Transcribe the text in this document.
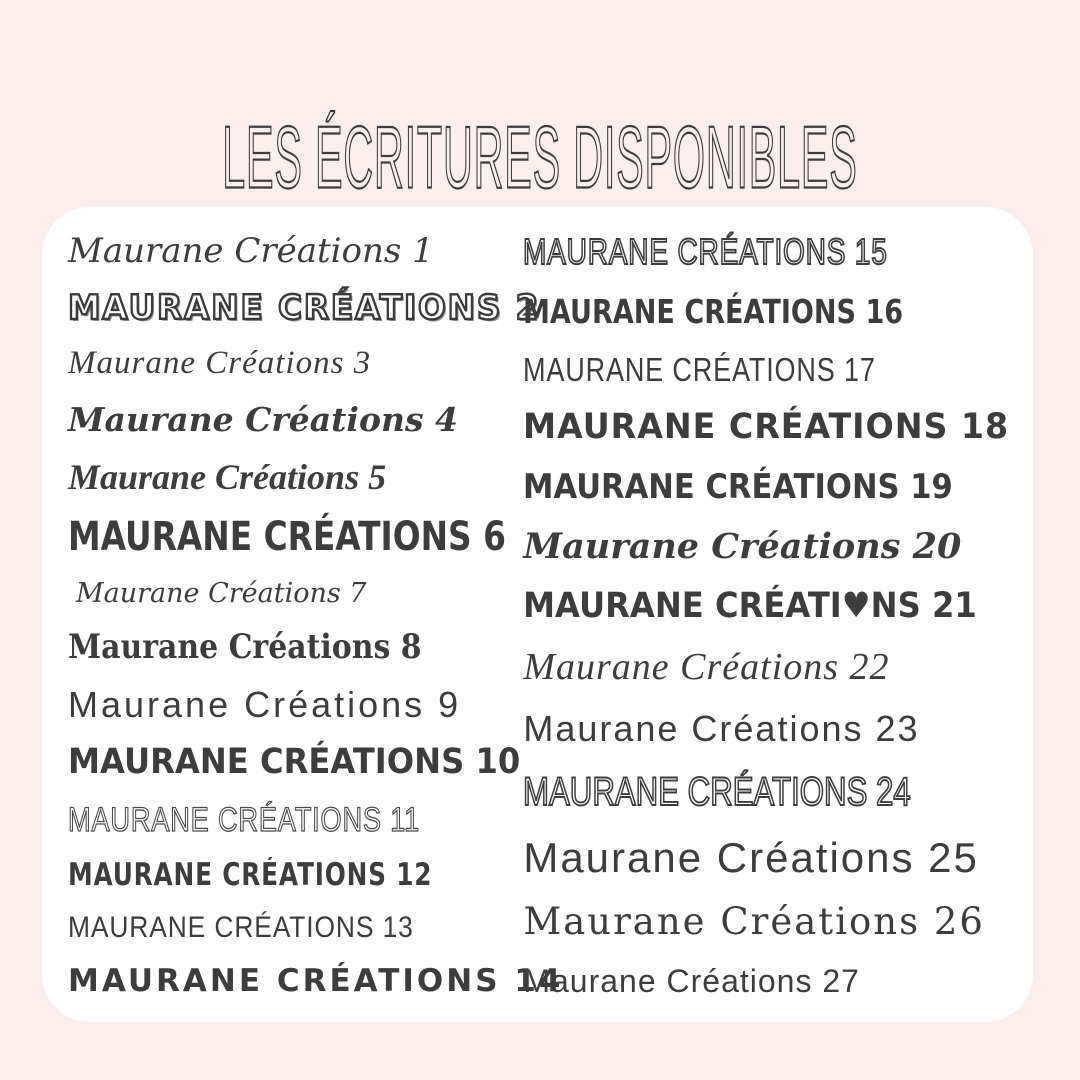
LES ÉCRITURES DISPONIBLES
Maurane Créations 1
MAURANE CRÉATIONS 2
Maurane Créations 3
Maurane Créations 4
Maurane Créations 5
MAURANE CRÉATIONS 6
Maurane Créations 7
Maurane Créations 8
Maurane Créations 9
MAURANE CRÉATIONS 10
MAURANE CRÉATIONS 11
MAURANE CRÉATIONS 12
MAURANE CRÉATIONS 13
MAURANE CRÉATIONS 14
MAURANE CRÉATIONS 15
MAURANE CRÉATIONS 16
MAURANE CRÉATIONS 17
MAURANE CRÉATIONS 18
MAURANE CRÉATIONS 19
Maurane Créations 20
MAURANE CRÉATI♥NS 21
Maurane Créations 22
Maurane Créations 23
MAURANE CRÉATIONS 24
Maurane Créations 25
Maurane Créations 26
Maurane Créations 27
